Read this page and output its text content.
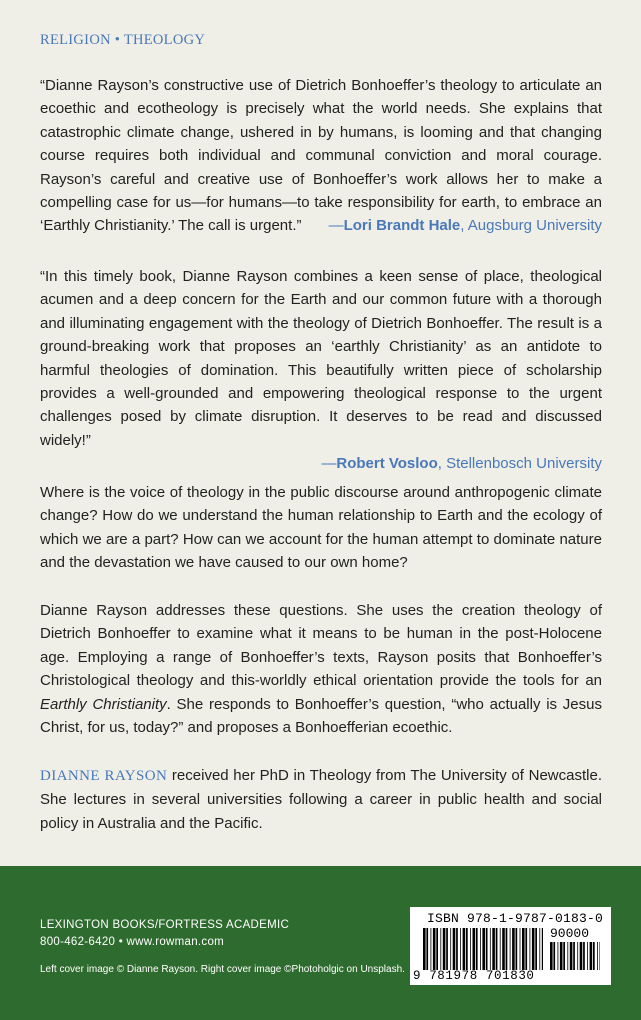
RELIGION • THEOLOGY
“Dianne Rayson’s constructive use of Dietrich Bonhoeffer’s theology to articulate an ecoethic and ecotheology is precisely what the world needs. She explains that catastrophic climate change, ushered in by humans, is looming and that changing course requires both individual and communal conviction and moral courage. Rayson’s careful and creative use of Bonhoeffer’s work allows her to make a compelling case for us—for humans—to take responsibility for earth, to embrace an ‘Earthly Christianity.’ The call is urgent.”	—Lori Brandt Hale, Augsburg University

“In this timely book, Dianne Rayson combines a keen sense of place, theological acumen and a deep concern for the Earth and our common future with a thorough and illuminating engagement with the theology of Dietrich Bonhoeffer. The result is a ground-breaking work that proposes an ‘earthly Christianity’ as an antidote to harmful theologies of domination. This beautifully written piece of scholarship provides a well-grounded and empowering theological response to the urgent challenges posed by climate disruption. It deserves to be read and discussed widely!”

—Robert Vosloo, Stellenbosch University

Where is the voice of theology in the public discourse around anthropogenic climate change? How do we understand the human relationship to Earth and the ecology of which we are a part? How can we account for the human attempt to dominate nature and the devastation we have caused to our own home?
Dianne Rayson addresses these questions. She uses the creation theology of Dietrich Bonhoeffer to examine what it means to be human in the post-Holocene age. Employing a range of Bonhoeffer’s texts, Rayson posits that Bonhoeffer’s Christological theology and this-worldly ethical orientation provide the tools for an Earthly Christianity. She responds to Bonhoeffer’s question, “who actually is Jesus Christ, for us, today?” and proposes a Bonhoefferian ecoethic.
DIANNE RAYSON received her PhD in Theology from The University of Newcastle. She lectures in several universities following a career in public health and social policy in Australia and the Pacific.
LEXINGTON BOOKS/FORTRESS ACADEMIC
800-462-6420 • www.rowman.com
Left cover image © Dianne Rayson. Right cover image ©Photoholgic on Unsplash.
ISBN 978-1-9787-0183-0
90000
9 781978 701830
